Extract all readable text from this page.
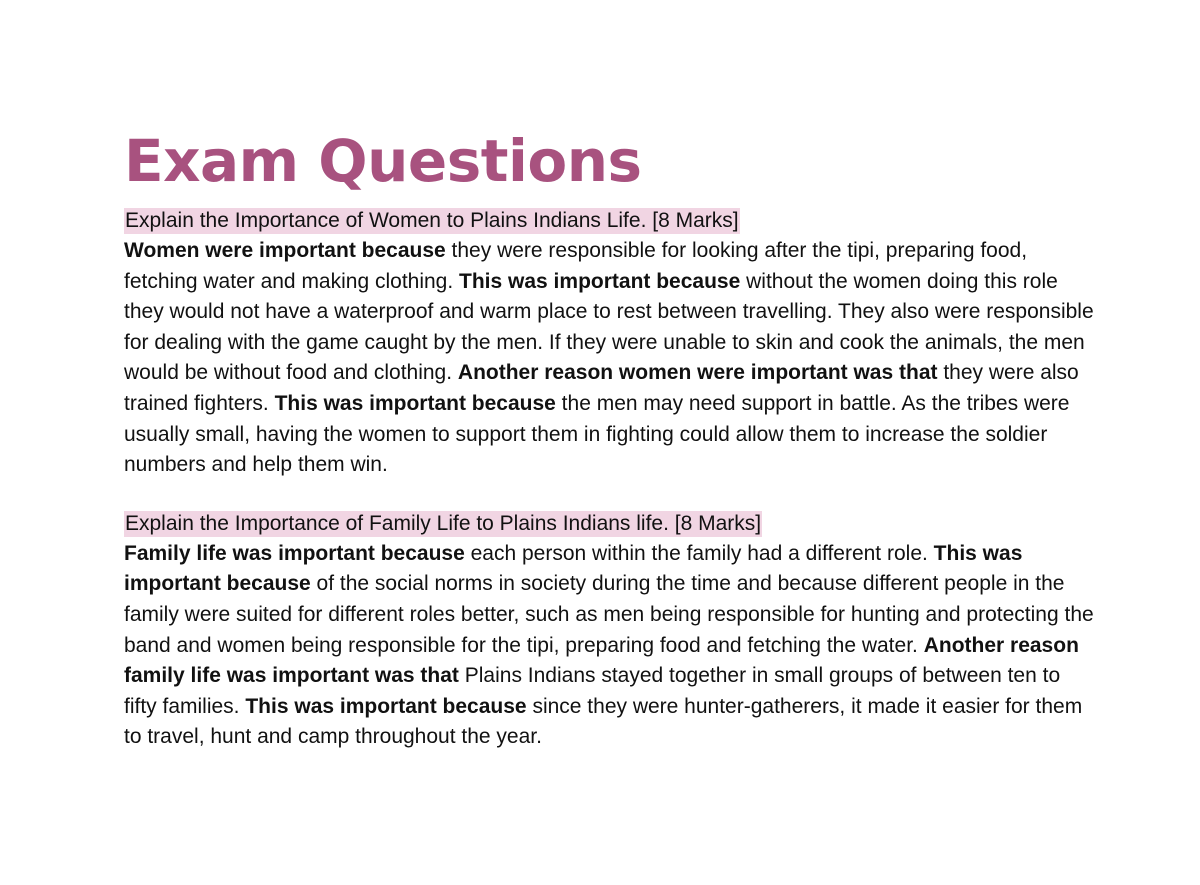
Exam Questions
Explain the Importance of Women to Plains Indians Life. [8 Marks]

Women were important because they were responsible for looking after the tipi, preparing food, fetching water and making clothing. This was important because without the women doing this role they would not have a waterproof and warm place to rest between travelling. They also were responsible for dealing with the game caught by the men. If they were unable to skin and cook the animals, the men would be without food and clothing. Another reason women were important was that they were also trained fighters. This was important because the men may need support in battle. As the tribes were usually small, having the women to support them in fighting could allow them to increase the soldier numbers and help them win.

Explain the Importance of Family Life to Plains Indians life. [8 Marks]

Family life was important because each person within the family had a different role. This was important because of the social norms in society during the time and because different people in the family were suited for different roles better, such as men being responsible for hunting and protecting the band and women being responsible for the tipi, preparing food and fetching the water. Another reason family life was important was that Plains Indians stayed together in small groups of between ten to fifty families. This was important because since they were hunter-gatherers, it made it easier for them to travel, hunt and camp throughout the year.
